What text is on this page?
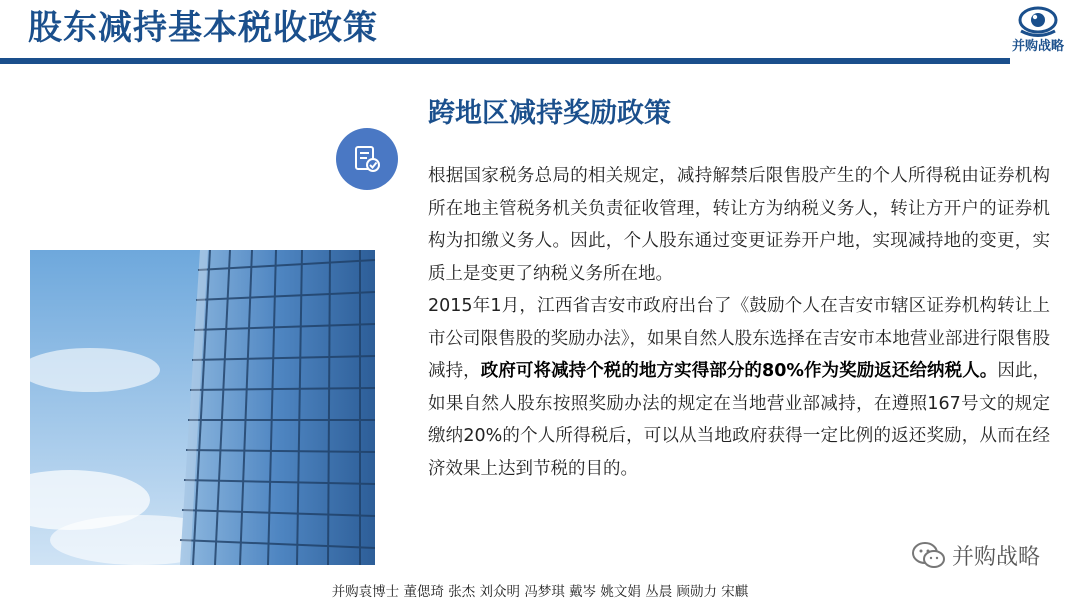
股东减持基本税收政策	并购战略
跨地区减持奖励政策
根据国家税务总局的相关规定，减持解禁后限售股产生的个人所得税由证券机构所在地主管税务机关负责征收管理，转让方为纳税义务人，转让方开户的证券机构为扣缴义务人。因此，个人股东通过变更证券开户地，实现减持地的变更，实质上是变更了纳税义务所在地。
2015年1月，江西省吉安市政府出台了《鼓励个人在吉安市辖区证券机构转让上市公司限售股的奖励办法》，如果自然人股东选择在吉安市本地营业部进行限售股减持，政府可将减持个税的地方实得部分的80%作为奖励返还给纳税人。因此，如果自然人股东按照奖励办法的规定在当地营业部减持，在遵照167号文的规定缴纳20%的个人所得税后，可以从当地政府获得一定比例的返还奖励，从而在经济效果上达到节税的目的。
并购战略
并购袁博士 董偲琦 张杰 刘众明 冯梦琪 戴岑 姚文娟 丛晨 顾勋力 宋麒
